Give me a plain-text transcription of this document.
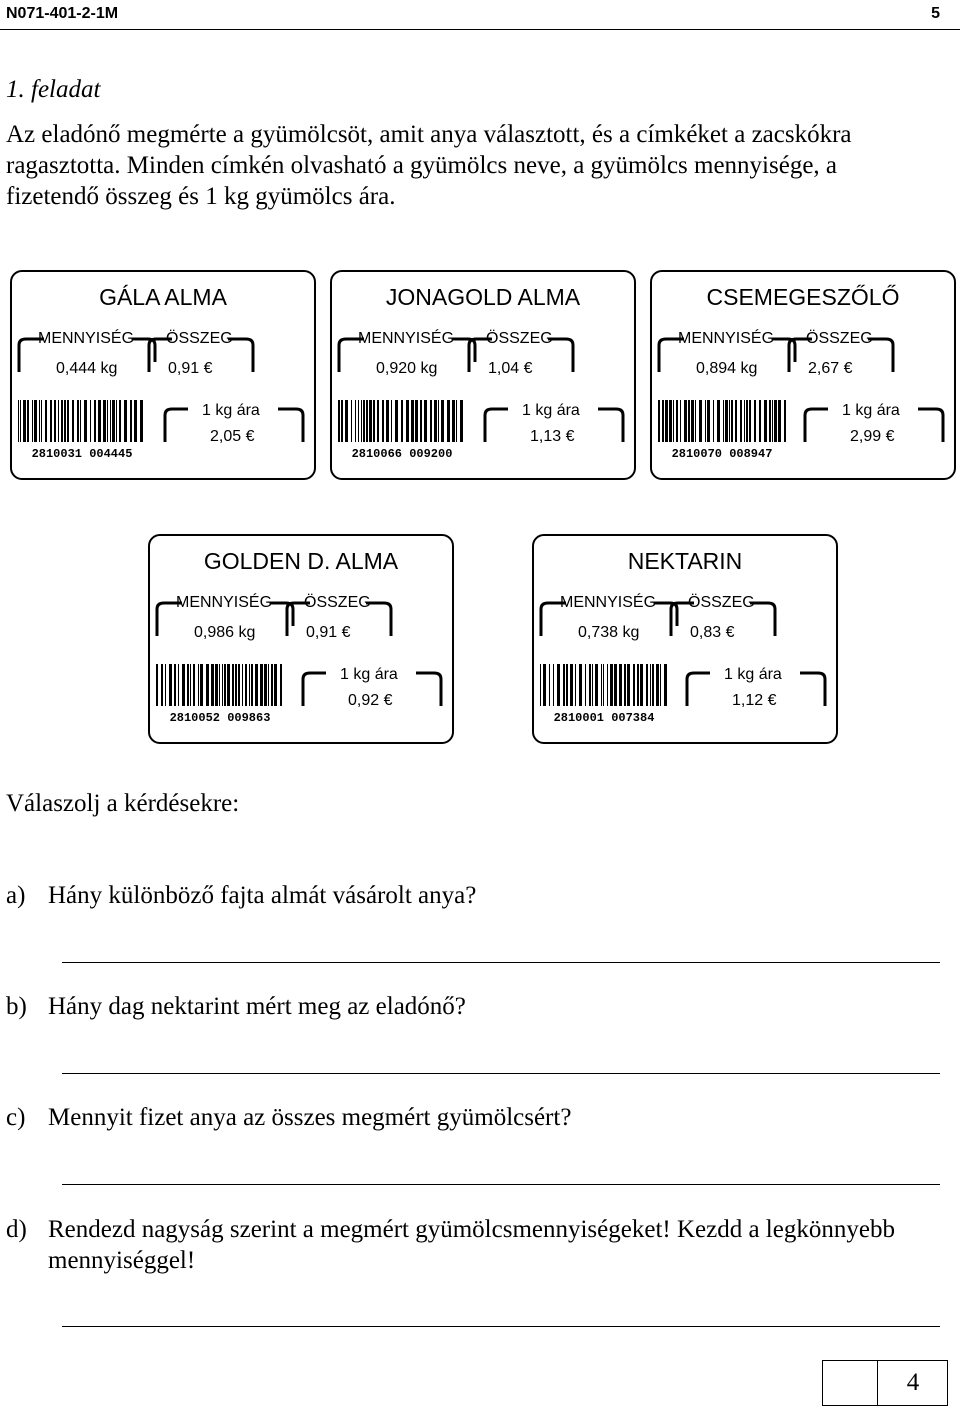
N071-401-2-1M	5
1. feladat
Az eladónő megmérte a gyümölcsöt, amit anya választott, és a címkéket a zacskókra ragasztotta. Minden címkén olvasható a gyümölcs neve, a gyümölcs mennyisége, a fizetendő összeg és 1 kg gyümölcs ára.
GÁLA ALMA
MENNYISÉG ÖSSZEG
0,444 kg	0,91 €
2810031 004445
1 kg ára
2,05 €
JONAGOLD ALMA
MENNYISÉG ÖSSZEG
0,920 kg	1,04 €
2810066 009200
1 kg ára
1,13 €
CSEMEGESZŐLŐ
MENNYISÉG ÖSSZEG
0,894 kg	2,67 €
2810070 008947
1 kg ára
2,99 €
GOLDEN D. ALMA
MENNYISÉG ÖSSZEG
0,986 kg	0,91 €
2810052 009863
1 kg ára
0,92 €
NEKTARIN
MENNYISÉG ÖSSZEG
0,738 kg	0,83 €
2810001 007384
1 kg ára
1,12 €
Válaszolj a kérdésekre:
a) Hány különböző fajta almát vásárolt anya?
b) Hány dag nektarint mért meg az eladónő?
c) Mennyit fizet anya az összes megmért gyümölcsért?
d) Rendezd nagyság szerint a megmért gyümölcsmennyiségeket! Kezdd a legkönnyebb mennyiséggel!
4
